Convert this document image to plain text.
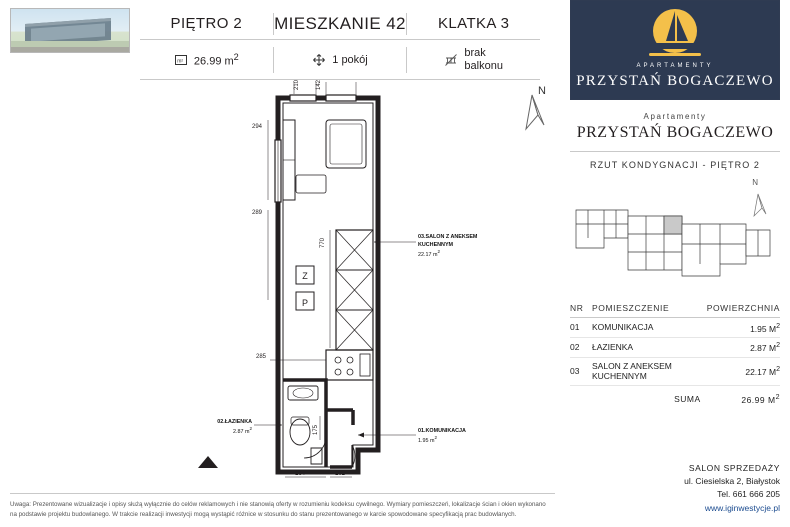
PIĘTRO 2	MIESZKANIE 42	KLATKA 3
m² 26.99 $m^2$	1 pokój
brak
balkonu	APARTAMENTY
PRZYSTAŃ BOGACZEWO
N
210	142
294
289
770
285
164	102
175
Z
P
03.SALON Z ANEKSEM
KUCHENNYM
22.17 $m^2$
02.ŁAZIENKA
2.87 $m^2$	01.KOMUNIKACJA
1.95 $m^2$
Apartamenty
PRZYSTAŃ BOGACZEWO
RZUT KONDYGNACJI - PIĘTRO 2
N
NR	POMIESZCZENIE	POWIERZCHNIA
01	KOMUNIKACJA	1.95 $M^2$
02	ŁAZIENKA	2.87 $M^2$
03	SALON Z ANEKSEM KUCHENNYM	22.17 $M^2$
	SUMA	26.99 $M^2$
SALON SPRZEDAŻY
ul. Ciesielska 2, Białystok
Tel. 661 666 205
www.iginwestycje.pl
Uwaga: Prezentowane wizualizacje i opisy służą wyłącznie do celów reklamowych i nie stanowią oferty w rozumieniu kodeksu cywilnego. Wymiary pomieszczeń, lokalizacje ścian i okien wykonano
na podstawie projektu budowlanego. W trakcie realizacji inwestycji mogą wystąpić różnice w stosunku do stanu prezentowanego w karcie spowodowane specyfikacją prac budowlanych.
